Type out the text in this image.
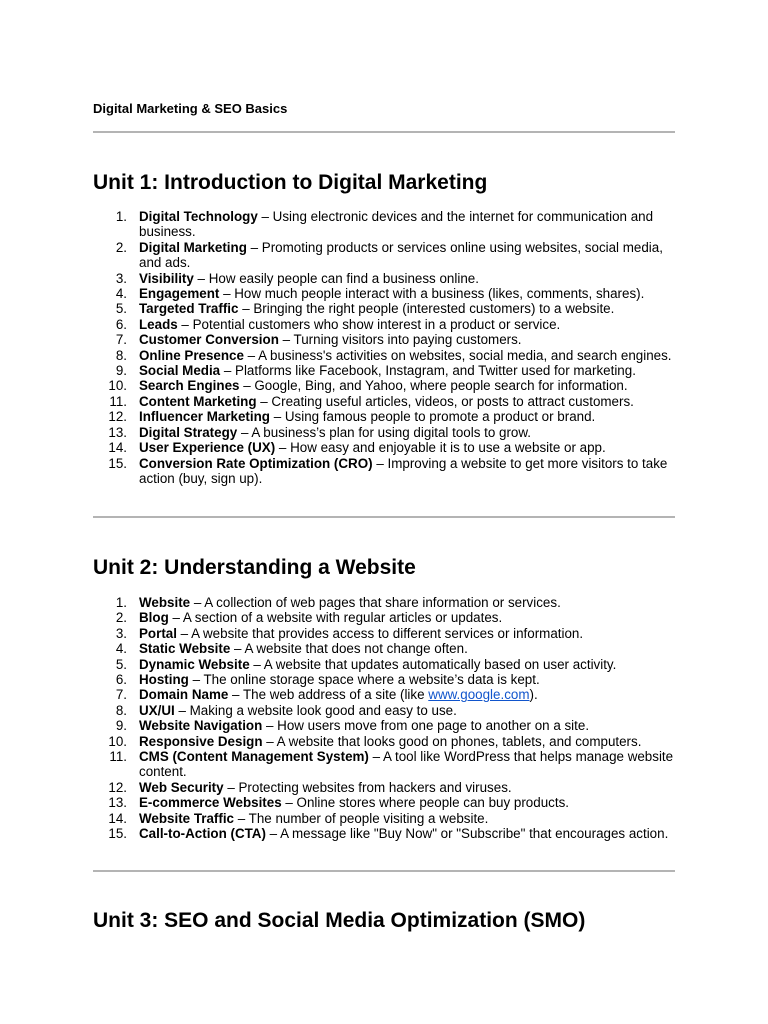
Digital Marketing & SEO Basics
Unit 1: Introduction to Digital Marketing
1. Digital Technology – Using electronic devices and the internet for communication and business.
2. Digital Marketing – Promoting products or services online using websites, social media, and ads.
3. Visibility – How easily people can find a business online.
4. Engagement – How much people interact with a business (likes, comments, shares).
5. Targeted Traffic – Bringing the right people (interested customers) to a website.
6. Leads – Potential customers who show interest in a product or service.
7. Customer Conversion – Turning visitors into paying customers.
8. Online Presence – A business's activities on websites, social media, and search engines.
9. Social Media – Platforms like Facebook, Instagram, and Twitter used for marketing.
10. Search Engines – Google, Bing, and Yahoo, where people search for information.
11. Content Marketing – Creating useful articles, videos, or posts to attract customers.
12. Influencer Marketing – Using famous people to promote a product or brand.
13. Digital Strategy – A business’s plan for using digital tools to grow.
14. User Experience (UX) – How easy and enjoyable it is to use a website or app.
15. Conversion Rate Optimization (CRO) – Improving a website to get more visitors to take action (buy, sign up).
Unit 2: Understanding a Website
1. Website – A collection of web pages that share information or services.
2. Blog – A section of a website with regular articles or updates.
3. Portal – A website that provides access to different services or information.
4. Static Website – A website that does not change often.
5. Dynamic Website – A website that updates automatically based on user activity.
6. Hosting – The online storage space where a website’s data is kept.
7. Domain Name – The web address of a site (like www.google.com).
8. UX/UI – Making a website look good and easy to use.
9. Website Navigation – How users move from one page to another on a site.
10. Responsive Design – A website that looks good on phones, tablets, and computers.
11. CMS (Content Management System) – A tool like WordPress that helps manage website content.
12. Web Security – Protecting websites from hackers and viruses.
13. E-commerce Websites – Online stores where people can buy products.
14. Website Traffic – The number of people visiting a website.
15. Call-to-Action (CTA) – A message like "Buy Now" or "Subscribe" that encourages action.
Unit 3: SEO and Social Media Optimization (SMO)
